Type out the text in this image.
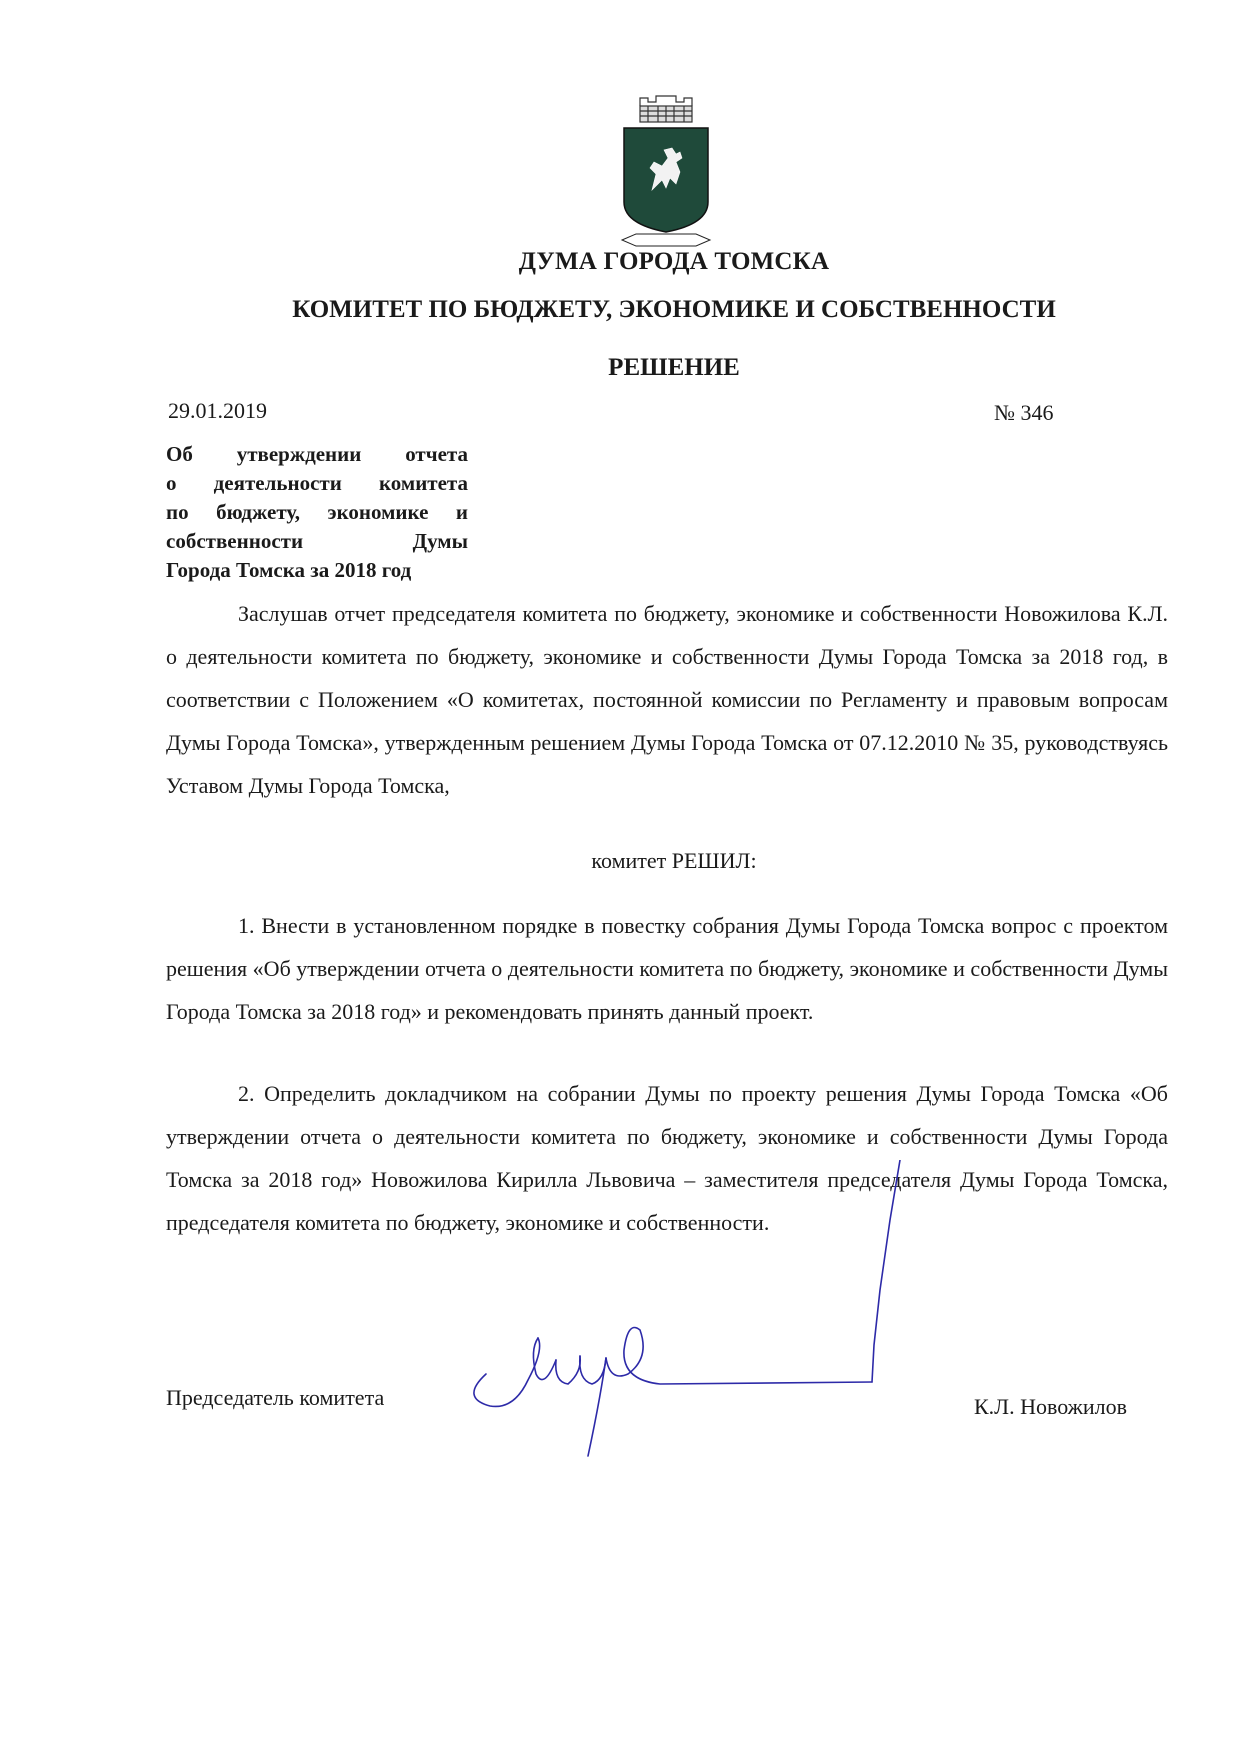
ДУМА ГОРОДА ТОМСКА
КОМИТЕТ ПО БЮДЖЕТУ, ЭКОНОМИКЕ И СОБСТВЕННОСТИ
РЕШЕНИЕ
29.01.2019	№ 346
Об утверждении отчета
о деятельности комитета
по бюджету, экономике и
собственности Думы
Города Томска за 2018 год

Заслушав отчет председателя комитета по бюджету, экономике и собственности Новожилова К.Л. о деятельности комитета по бюджету, экономике и собственности Думы Города Томска за 2018 год, в соответствии с Положением «О комитетах, постоянной комиссии по Регламенту и правовым вопросам Думы Города Томска», утвержденным решением Думы Города Томска от 07.12.2010 № 35, руководствуясь Уставом Думы Города Томска,

комитет РЕШИЛ:

1. Внести в установленном порядке в повестку собрания Думы Города Томска вопрос с проектом решения «Об утверждении отчета о деятельности комитета по бюджету, экономике и собственности Думы Города Томска за 2018 год» и рекомендовать принять данный проект.

2. Определить докладчиком на собрании Думы по проекту решения Думы Города Томска «Об утверждении отчета о деятельности комитета по бюджету, экономике и собственности Думы Города Томска за 2018 год» Новожилова Кирилла Львовича – заместителя председателя Думы Города Томска, председателя комитета по бюджету, экономике и собственности.

Председатель комитета	К.Л. Новожилов
